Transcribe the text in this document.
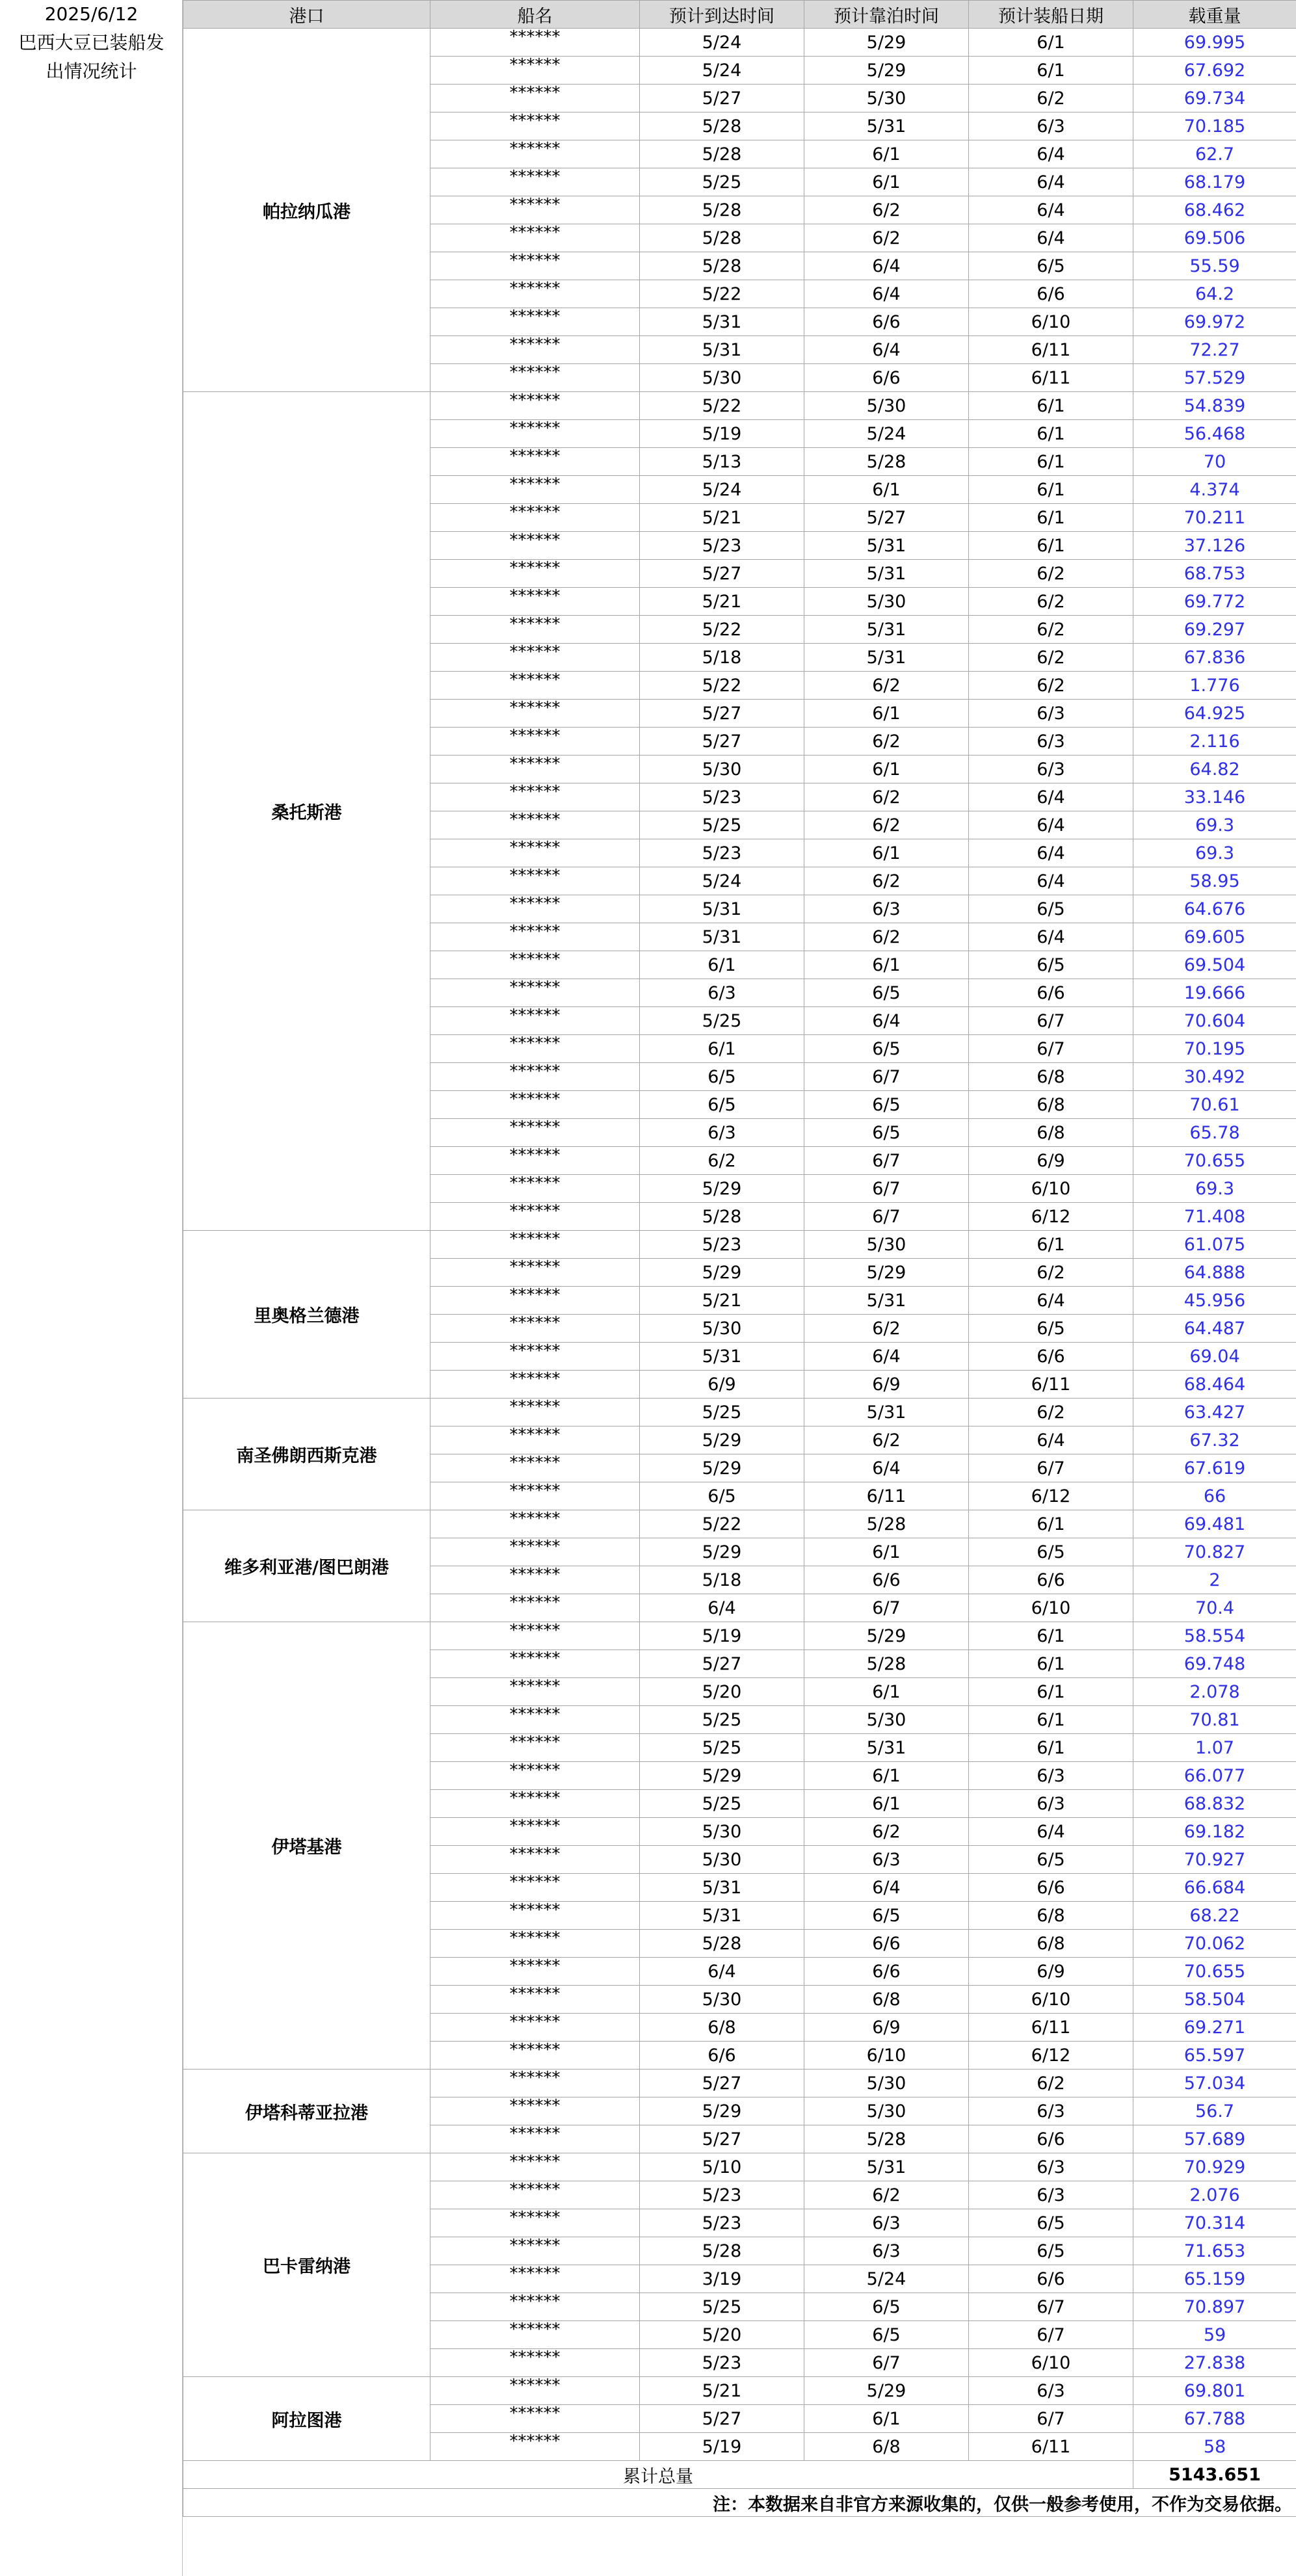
2025/6/12
巴西大豆已装船发
出情况统计
港口	船名	预计到达时间	预计靠泊时间	预计装船日期	载重量
帕拉纳瓜港	******	5/24	5/29	6/1	69.995
	******	5/24	5/29	6/1	67.692
	******	5/27	5/30	6/2	69.734
	******	5/28	5/31	6/3	70.185
	******	5/28	6/1	6/4	62.7
	******	5/25	6/1	6/4	68.179
	******	5/28	6/2	6/4	68.462
	******	5/28	6/2	6/4	69.506
	******	5/28	6/4	6/5	55.59
	******	5/22	6/4	6/6	64.2
	******	5/31	6/6	6/10	69.972
	******	5/31	6/4	6/11	72.27
	******	5/30	6/6	6/11	57.529
桑托斯港	******	5/22	5/30	6/1	54.839
	******	5/19	5/24	6/1	56.468
	******	5/13	5/28	6/1	70
	******	5/24	6/1	6/1	4.374
	******	5/21	5/27	6/1	70.211
	******	5/23	5/31	6/1	37.126
	******	5/27	5/31	6/2	68.753
	******	5/21	5/30	6/2	69.772
	******	5/22	5/31	6/2	69.297
	******	5/18	5/31	6/2	67.836
	******	5/22	6/2	6/2	1.776
	******	5/27	6/1	6/3	64.925
	******	5/27	6/2	6/3	2.116
	******	5/30	6/1	6/3	64.82
	******	5/23	6/2	6/4	33.146
	******	5/25	6/2	6/4	69.3
	******	5/23	6/1	6/4	69.3
	******	5/24	6/2	6/4	58.95
	******	5/31	6/3	6/5	64.676
	******	5/31	6/2	6/4	69.605
	******	6/1	6/1	6/5	69.504
	******	6/3	6/5	6/6	19.666
	******	5/25	6/4	6/7	70.604
	******	6/1	6/5	6/7	70.195
	******	6/5	6/7	6/8	30.492
	******	6/5	6/5	6/8	70.61
	******	6/3	6/5	6/8	65.78
	******	6/2	6/7	6/9	70.655
	******	5/29	6/7	6/10	69.3
	******	5/28	6/7	6/12	71.408
里奥格兰德港	******	5/23	5/30	6/1	61.075
	******	5/29	5/29	6/2	64.888
	******	5/21	5/31	6/4	45.956
	******	5/30	6/2	6/5	64.487
	******	5/31	6/4	6/6	69.04
	******	6/9	6/9	6/11	68.464
南圣佛朗西斯克港	******	5/25	5/31	6/2	63.427
	******	5/29	6/2	6/4	67.32
	******	5/29	6/4	6/7	67.619
	******	6/5	6/11	6/12	66
维多利亚港/图巴朗港	******	5/22	5/28	6/1	69.481
	******	5/29	6/1	6/5	70.827
	******	5/18	6/6	6/6	2
	******	6/4	6/7	6/10	70.4
伊塔基港	******	5/19	5/29	6/1	58.554
	******	5/27	5/28	6/1	69.748
	******	5/20	6/1	6/1	2.078
	******	5/25	5/30	6/1	70.81
	******	5/25	5/31	6/1	1.07
	******	5/29	6/1	6/3	66.077
	******	5/25	6/1	6/3	68.832
	******	5/30	6/2	6/4	69.182
	******	5/30	6/3	6/5	70.927
	******	5/31	6/4	6/6	66.684
	******	5/31	6/5	6/8	68.22
	******	5/28	6/6	6/8	70.062
	******	6/4	6/6	6/9	70.655
	******	5/30	6/8	6/10	58.504
	******	6/8	6/9	6/11	69.271
	******	6/6	6/10	6/12	65.597
伊塔科蒂亚拉港	******	5/27	5/30	6/2	57.034
	******	5/29	5/30	6/3	56.7
	******	5/27	5/28	6/6	57.689
巴卡雷纳港	******	5/10	5/31	6/3	70.929
	******	5/23	6/2	6/3	2.076
	******	5/23	6/3	6/5	70.314
	******	5/28	6/3	6/5	71.653
	******	3/19	5/24	6/6	65.159
	******	5/25	6/5	6/7	70.897
	******	5/20	6/5	6/7	59
	******	5/23	6/7	6/10	27.838
阿拉图港	******	5/21	5/29	6/3	69.801
	******	5/27	6/1	6/7	67.788
	******	5/19	6/8	6/11	58
累计总量					5143.651
注：本数据来自非官方来源收集的，仅供一般参考使用，不作为交易依据。					
